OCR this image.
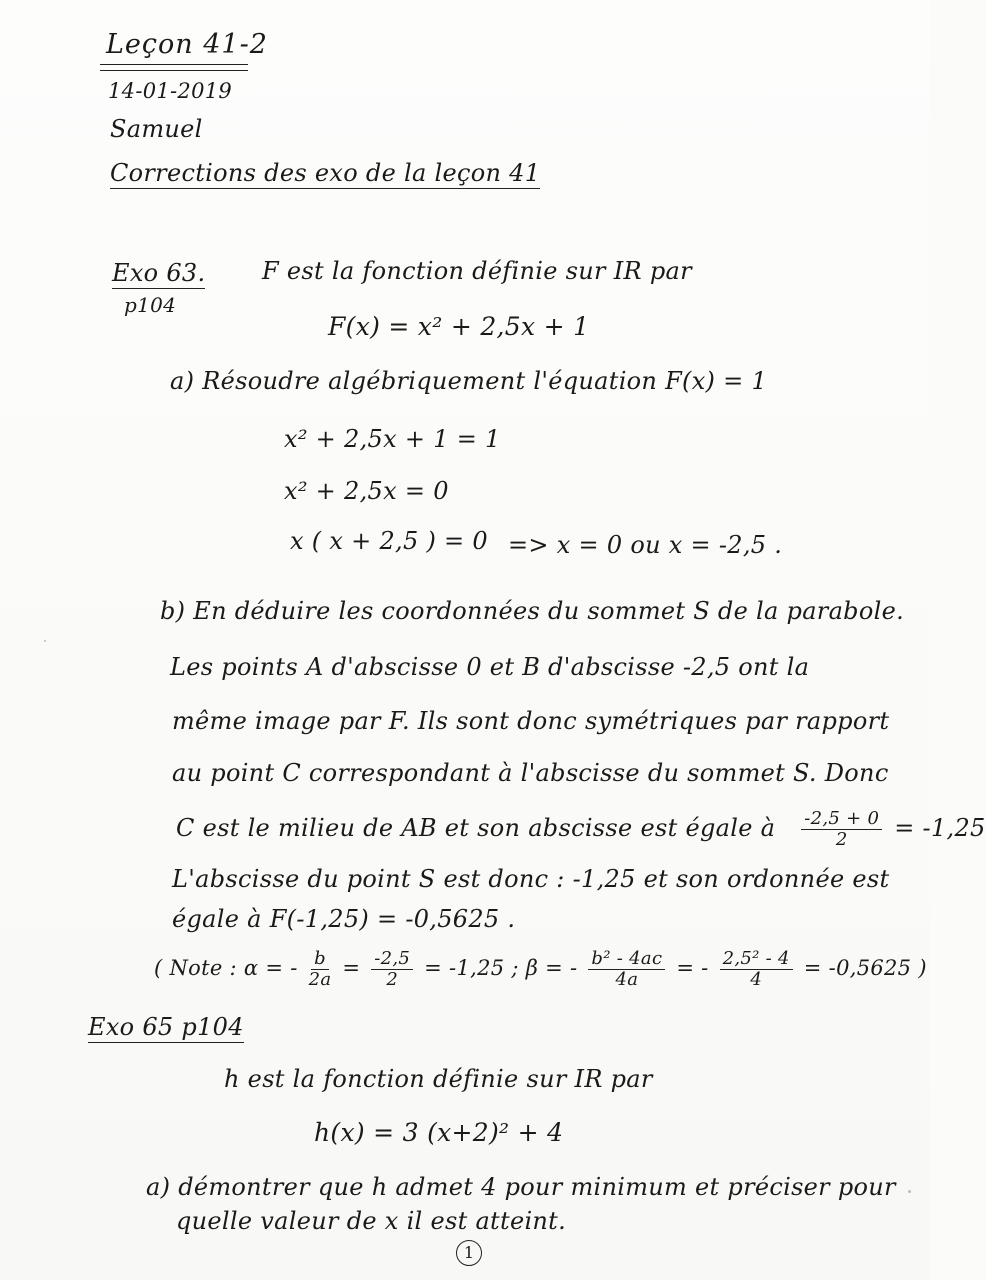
Leçon 41-2
14-01-2019
Samuel
Corrections des exo de la leçon 41
Exo 63.
p104
F est la fonction définie sur IR par
F(x) = x² + 2,5x + 1
a) Résoudre algébriquement l'équation F(x) = 1
x² + 2,5x + 1 = 1
x² + 2,5x = 0
x ( x + 2,5 ) = 0 => x = 0 ou x = -2,5 .
b) En déduire les coordonnées du sommet S de la parabole.
Les points A d'abscisse 0 et B d'abscisse -2,5 ont la
même image par F. Ils sont donc symétriques par rapport
au point C correspondant à l'abscisse du sommet S. Donc
C est le milieu de AB et son abscisse est égale à $\frac{-2,5 + 0}{2} = -1,25$
L'abscisse du point S est donc : -1,25 et son ordonnée est
égale à F(-1,25) = -0,5625 .
( Note : α = - $\frac{b}{2a} = \frac{-2,5}{2} = -1,25$ ; β = - $\frac{\text{b² - 4ac}}{4a}$ = - $\frac{\text{2,5² - 4}}{4} = -0,5625$ )
Exo 65 p104
h est la fonction définie sur IR par
h(x) = 3 (x+2)² + 4
a) démontrer que h admet 4 pour minimum et préciser pour
quelle valeur de x il est atteint.
1
